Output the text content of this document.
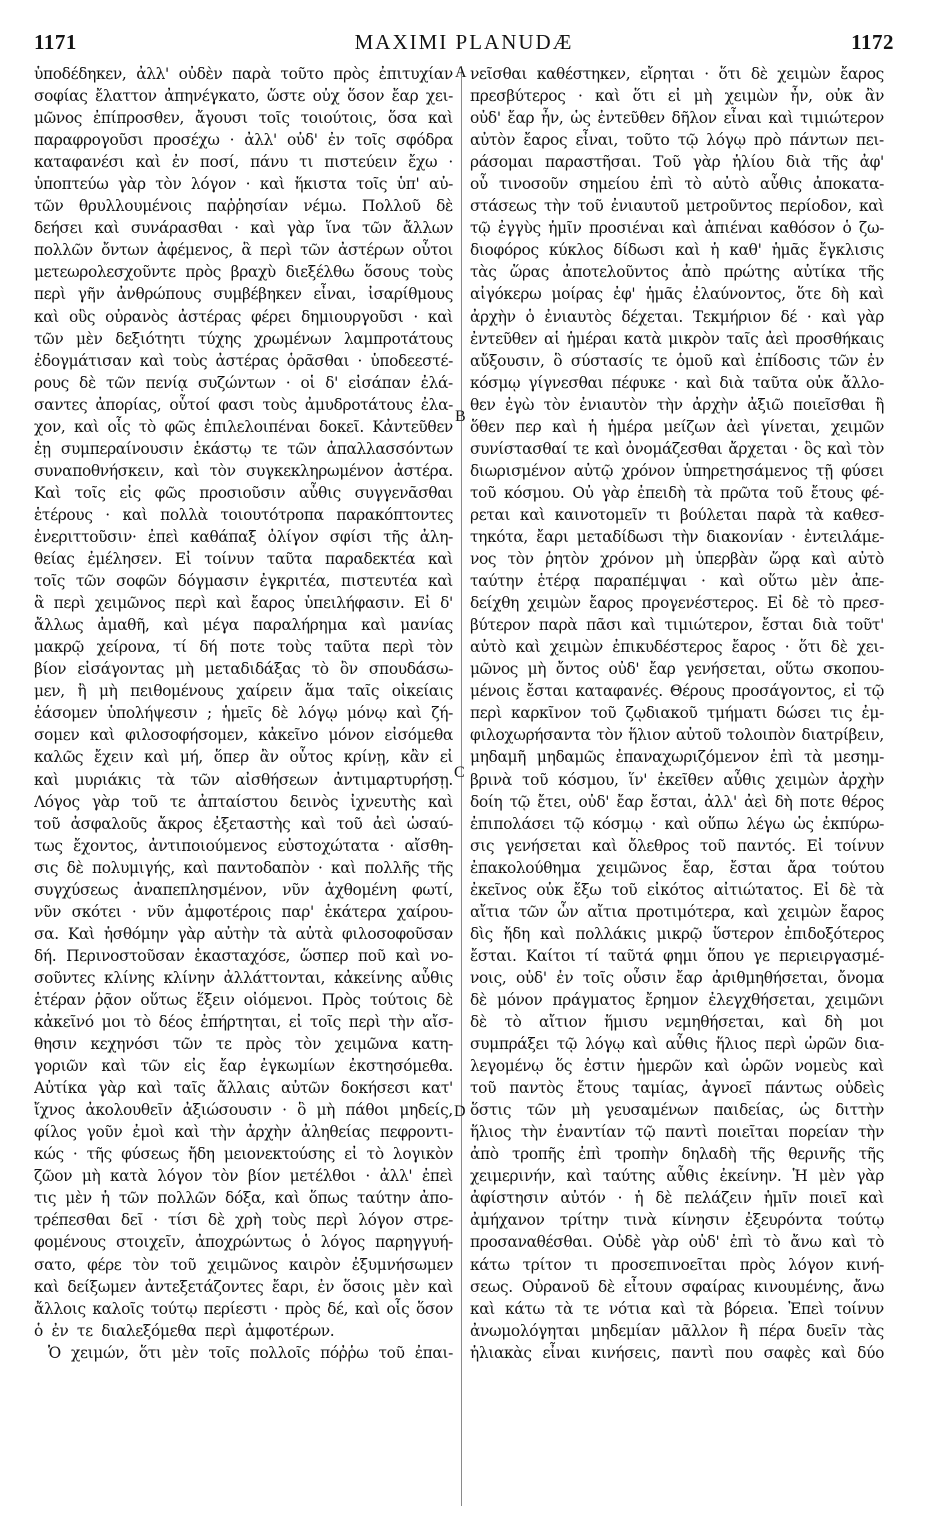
1171	MAXIMI PLANUDÆ	1172
A
B
C
D
ὑποδέδηκεν, ἀλλ' οὐδὲν παρὰ τοῦτο πρὸς ἐπιτυχίαν
σοφίας ἔλαττον ἀπηνέγκατο, ὥστε οὐχ ὅσον ἔαρ χει-
μῶνος ἐπίπροσθεν, ἄγουσι τοῖς τοιούτοις, ὅσα καὶ
παραφρογοῦσι προσέχω · ἀλλ' οὐδ' ἐν τοῖς σφόδρα
καταφανέσι καὶ ἐν ποσί, πάνυ τι πιστεύειν ἔχω ·
ὑποπτεύω γὰρ τὸν λόγον · καὶ ἥκιστα τοῖς ὑπ' αὐ-
τῶν θρυλλουμένοις παῤῥησίαν νέμω. Πολλοῦ δὲ
δεήσει καὶ συνάρασθαι · καὶ γὰρ ἵνα τῶν ἄλλων
πολλῶν ὄντων ἀφέμενος, ἃ περὶ τῶν ἀστέρων οὗτοι
μετεωρολεσχοῦντε πρὸς βραχὺ διεξέλθω ὅσους τοὺς
περὶ γῆν ἀνθρώπους συμβέβηκεν εἶναι, ἰσαρίθμους
καὶ οὓς οὐρανὸς ἀστέρας φέρει δημιουργοῦσι · καὶ
τῶν μὲν δεξιότητι τύχης χρωμένων λαμπροτάτους
ἐδογμάτισαν καὶ τοὺς ἀστέρας ὁρᾶσθαι · ὑποδεεστέ-
ρους δὲ τῶν πενίᾳ συζώντων · οἱ δ' εἰσάπαν ἐλά-
σαντες ἀπορίας, οὗτοί φασι τοὺς ἀμυδροτάτους ἐλα-
χον, καὶ οἷς τὸ φῶς ἐπιλελοιπέναι δοκεῖ. Κἀντεῦθεν
ἐῃ συμπεραίνουσιν ἑκάστῳ τε τῶν ἀπαλλασσόντων
συναποθνήσκειν, καὶ τὸν συγκεκληρωμένον ἀστέρα.
Καὶ τοῖς εἰς φῶς προσιοῦσιν αὖθις συγγενᾶσθαι
ἑτέρους · καὶ πολλὰ τοιουτότροπα παρακόπτοντες
ἐνεριττοῦσιν· ἐπεὶ καθάπαξ ὀλίγον σφίσι τῆς ἀλη-
θείας ἐμέλησεν. Εἰ τοίνυν ταῦτα παραδεκτέα καὶ
τοῖς τῶν σοφῶν δόγμασιν ἐγκριτέα, πιστευτέα καὶ
ἃ περὶ χειμῶνος περὶ καὶ ἔαρος ὑπειλήφασιν. Εἰ δ'
ἄλλως ἀμαθῆ, καὶ μέγα παραλήρημα καὶ μανίας
μακρῷ χείρονα, τί δή ποτε τοὺς ταῦτα περὶ τὸν
βίον εἰσάγοντας μὴ μεταδιδάξας τὸ ὂν σπουδάσω-
μεν, ἢ μὴ πειθομένους χαίρειν ἅμα ταῖς οἰκείαις
ἐάσομεν ὑπολήψεσιν ; ἡμεῖς δὲ λόγῳ μόνῳ καὶ ζή-
σομεν καὶ φιλοσοφήσομεν, κἀκεῖνο μόνον εἰσόμεθα
καλῶς ἔχειν καὶ μή, ὅπερ ἂν οὗτος κρίνῃ, κἂν εἰ
καὶ μυριάκις τὰ τῶν αἰσθήσεων ἀντιμαρτυρήσῃ.
Λόγος γὰρ τοῦ τε ἀπταίστου δεινὸς ἰχνευτὴς καὶ
τοῦ ἀσφαλοῦς ἄκρος ἐξεταστὴς καὶ τοῦ ἀεὶ ὡσαύ-
τως ἔχοντος, ἀντιποιούμενος εὐστοχώτατα · αἴσθη-
σις δὲ πολυμιγής, καὶ παντοδαπὸν · καὶ πολλῆς τῆς
συγχύσεως ἀναπεπλησμένον, νῦν ἀχθομένη φωτί,
νῦν σκότει · νῦν ἀμφοτέροις παρ' ἑκάτερα χαίρου-
σα. Καὶ ἡσθόμην γὰρ αὐτὴν τὰ αὐτὰ φιλοσοφοῦσαν
δή. Περινοστοῦσαν ἑκασταχόσε, ὥσπερ ποῦ καὶ νο-
σοῦντες κλίνης κλίνην ἀλλάττονται, κἀκείνης αὖθις
ἑτέραν ῥᾷον οὕτως ἕξειν οἰόμενοι. Πρὸς τούτοις δὲ
κἀκεῖνό μοι τὸ δέος ἐπήρτηται, εἰ τοῖς περὶ τὴν αἴσ-
θησιν κεχηνόσι τῶν τε πρὸς τὸν χειμῶνα κατη-
γοριῶν καὶ τῶν εἰς ἔαρ ἐγκωμίων ἐκστησόμεθα.
Αὐτίκα γὰρ καὶ ταῖς ἄλλαις αὐτῶν δοκήσεσι κατ'
ἴχνος ἀκολουθεῖν ἀξιώσουσιν · ὃ μὴ πάθοι μηδείς,
φίλος γοῦν ἐμοὶ καὶ τὴν ἀρχὴν ἀληθείας πεφροντι-
κώς · τῆς φύσεως ἤδη μειονεκτούσης εἰ τὸ λογικὸν
ζῶον μὴ κατὰ λόγον τὸν βίον μετέλθοι · ἀλλ' ἐπεὶ
τις μὲν ἡ τῶν πολλῶν δόξα, καὶ ὅπως ταύτην ἀπο-
τρέπεσθαι δεῖ · τίσι δὲ χρὴ τοὺς περὶ λόγον στρε-
φομένους στοιχεῖν, ἀποχρώντως ὁ λόγος παρηγγυή-
σατο, φέρε τὸν τοῦ χειμῶνος καιρὸν ἐξυμνήσωμεν
καὶ δείξωμεν ἀντεξετάζοντες ἔαρι, ἐν ὅσοις μὲν καὶ
ἄλλοις καλοῖς τούτῳ περίεστι · πρὸς δέ, καὶ οἷς ὅσον
ὁ ἐν τε διαλεξόμεθα περὶ ἀμφοτέρων.
Ὁ χειμών, ὅτι μὲν τοῖς πολλοῖς πόῤῥω τοῦ ἐπαι-
νεῖσθαι καθέστηκεν, εἴρηται · ὅτι δὲ χειμὼν ἔαρος
πρεσβύτερος · καὶ ὅτι εἰ μὴ χειμὼν ἦν, οὐκ ἂν
οὐδ' ἔαρ ἦν, ὡς ἐντεῦθεν δῆλον εἶναι καὶ τιμιώτερον
αὐτὸν ἔαρος εἶναι, τοῦτο τῷ λόγῳ πρὸ πάντων πει-
ράσομαι παραστῆσαι. Τοῦ γὰρ ἡλίου διὰ τῆς ἀφ'
οὗ τινοσοῦν σημείου ἐπὶ τὸ αὐτὸ αὖθις ἀποκατα-
στάσεως τὴν τοῦ ἐνιαυτοῦ μετροῦντος περίοδον, καὶ
τῷ ἐγγὺς ἡμῖν προσιέναι καὶ ἀπιέναι καθόσον ὁ ζω-
διοφόρος κύκλος δίδωσι καὶ ἡ καθ' ἡμᾶς ἔγκλισις
τὰς ὥρας ἀποτελοῦντος ἀπὸ πρώτης αὐτίκα τῆς
αἰγόκερω μοίρας ἐφ' ἡμᾶς ἐλαύνοντος, ὅτε δὴ καὶ
ἀρχὴν ὁ ἐνιαυτὸς δέχεται. Τεκμήριον δέ · καὶ γὰρ
ἐντεῦθεν αἱ ἡμέραι κατὰ μικρὸν ταῖς ἀεὶ προσθήκαις
αὔξουσιν, ὃ σύστασίς τε ὁμοῦ καὶ ἐπίδοσις τῶν ἐν
κόσμῳ γίγνεσθαι πέφυκε · καὶ διὰ ταῦτα οὐκ ἄλλο-
θεν ἐγὼ τὸν ἐνιαυτὸν τὴν ἀρχὴν ἀξιῶ ποιεῖσθαι ἢ
ὅθεν περ καὶ ἡ ἡμέρα μείζων ἀεὶ γίνεται, χειμῶν
συνίστασθαί τε καὶ ὀνομάζεσθαι ἄρχεται · ὃς καὶ τὸν
διωρισμένον αὐτῷ χρόνον ὑπηρετησάμενος τῇ φύσει
τοῦ κόσμου. Οὐ γὰρ ἐπειδὴ τὰ πρῶτα τοῦ ἔτους φέ-
ρεται καὶ καινοτομεῖν τι βούλεται παρὰ τὰ καθεσ-
τηκότα, ἔαρι μεταδίδωσι τὴν διακονίαν · ἐντειλάμε-
νος τὸν ῥητὸν χρόνον μὴ ὑπερβὰν ὥρᾳ καὶ αὐτὸ
ταύτην ἑτέρᾳ παραπέμψαι · καὶ οὕτω μὲν ἀπε-
δείχθη χειμὼν ἔαρος προγενέστερος. Εἰ δὲ τὸ πρεσ-
βύτερον παρὰ πᾶσι καὶ τιμιώτερον, ἔσται διὰ τοῦτ'
αὐτὸ καὶ χειμὼν ἐπικυδέστερος ἔαρος · ὅτι δὲ χει-
μῶνος μὴ ὄντος οὐδ' ἔαρ γενήσεται, οὕτω σκοπου-
μένοις ἔσται καταφανές. Θέρους προσάγοντος, εἰ τῷ
περὶ καρκῖνον τοῦ ζῳδιακοῦ τμήματι δώσει τις ἐμ-
φιλοχωρήσαντα τὸν ἥλιον αὐτοῦ τολοιπὸν διατρίβειν,
μηδαμῆ μηδαμῶς ἐπαναχωριζόμενον ἐπὶ τὰ μεσημ-
βρινὰ τοῦ κόσμου, ἵν' ἐκεῖθεν αὖθις χειμὼν ἀρχὴν
δοίη τῷ ἔτει, οὐδ' ἔαρ ἔσται, ἀλλ' ἀεὶ δὴ ποτε θέρος
ἐπιπολάσει τῷ κόσμῳ · καὶ οὕπω λέγω ὡς ἐκπύρω-
σις γενήσεται καὶ ὄλεθρος τοῦ παντός. Εἰ τοίνυν
ἐπακολούθημα χειμῶνος ἔαρ, ἔσται ἄρα τούτου
ἐκεῖνος οὐκ ἔξω τοῦ εἰκότος αἰτιώτατος. Εἰ δὲ τὰ
αἴτια τῶν ὧν αἴτια προτιμότερα, καὶ χειμὼν ἔαρος
δὶς ἤδη καὶ πολλάκις μικρῷ ὕστερον ἐπιδοξότερος
ἔσται. Καίτοι τί ταῦτά φημι ὅπου γε περιειργασμέ-
νοις, οὐδ' ἐν τοῖς οὖσιν ἔαρ ἀριθμηθήσεται, ὄνομα
δὲ μόνον πράγματος ἔρημον ἐλεγχθήσεται, χειμῶνι
δὲ τὸ αἴτιον ἥμισυ νεμηθήσεται, καὶ δὴ μοι
συμπράξει τῷ λόγῳ καὶ αὖθις ἥλιος περὶ ὡρῶν δια-
λεγομένῳ ὅς ἐστιν ἡμερῶν καὶ ὡρῶν νομεὺς καὶ
τοῦ παντὸς ἔτους ταμίας, ἀγνοεῖ πάντως οὐδεὶς
ὅστις τῶν μὴ γευσαμένων παιδείας, ὡς διττὴν
ἥλιος τὴν ἐναντίαν τῷ παντὶ ποιεῖται πορείαν τὴν
ἀπὸ τροπῆς ἐπὶ τροπὴν δηλαδὴ τῆς θερινῆς τῆς
χειμερινήν, καὶ ταύτης αὖθις ἐκείνην. Ἡ μὲν γὰρ
ἀφίστησιν αὐτόν · ἡ δὲ πελάζειν ἡμῖν ποιεῖ καὶ
ἀμήχανον τρίτην τινὰ κίνησιν ἐξευρόντα τούτῳ
προσαναθέσθαι. Οὐδὲ γὰρ οὐδ' ἐπὶ τὸ ἄνω καὶ τὸ
κάτω τρίτον τι προσεπινοεῖται πρὸς λόγον κινή-
σεως. Οὐρανοῦ δὲ εἶτουν σφαίρας κινουμένης, ἄνω
καὶ κάτω τὰ τε νότια καὶ τὰ βόρεια. Ἐπεὶ τοίνυν
ἀνωμολόγηται μηδεμίαν μᾶλλον ἢ πέρα δυεῖν τὰς
ἡλιακὰς εἶναι κινήσεις, παντὶ που σαφὲς καὶ δύο
